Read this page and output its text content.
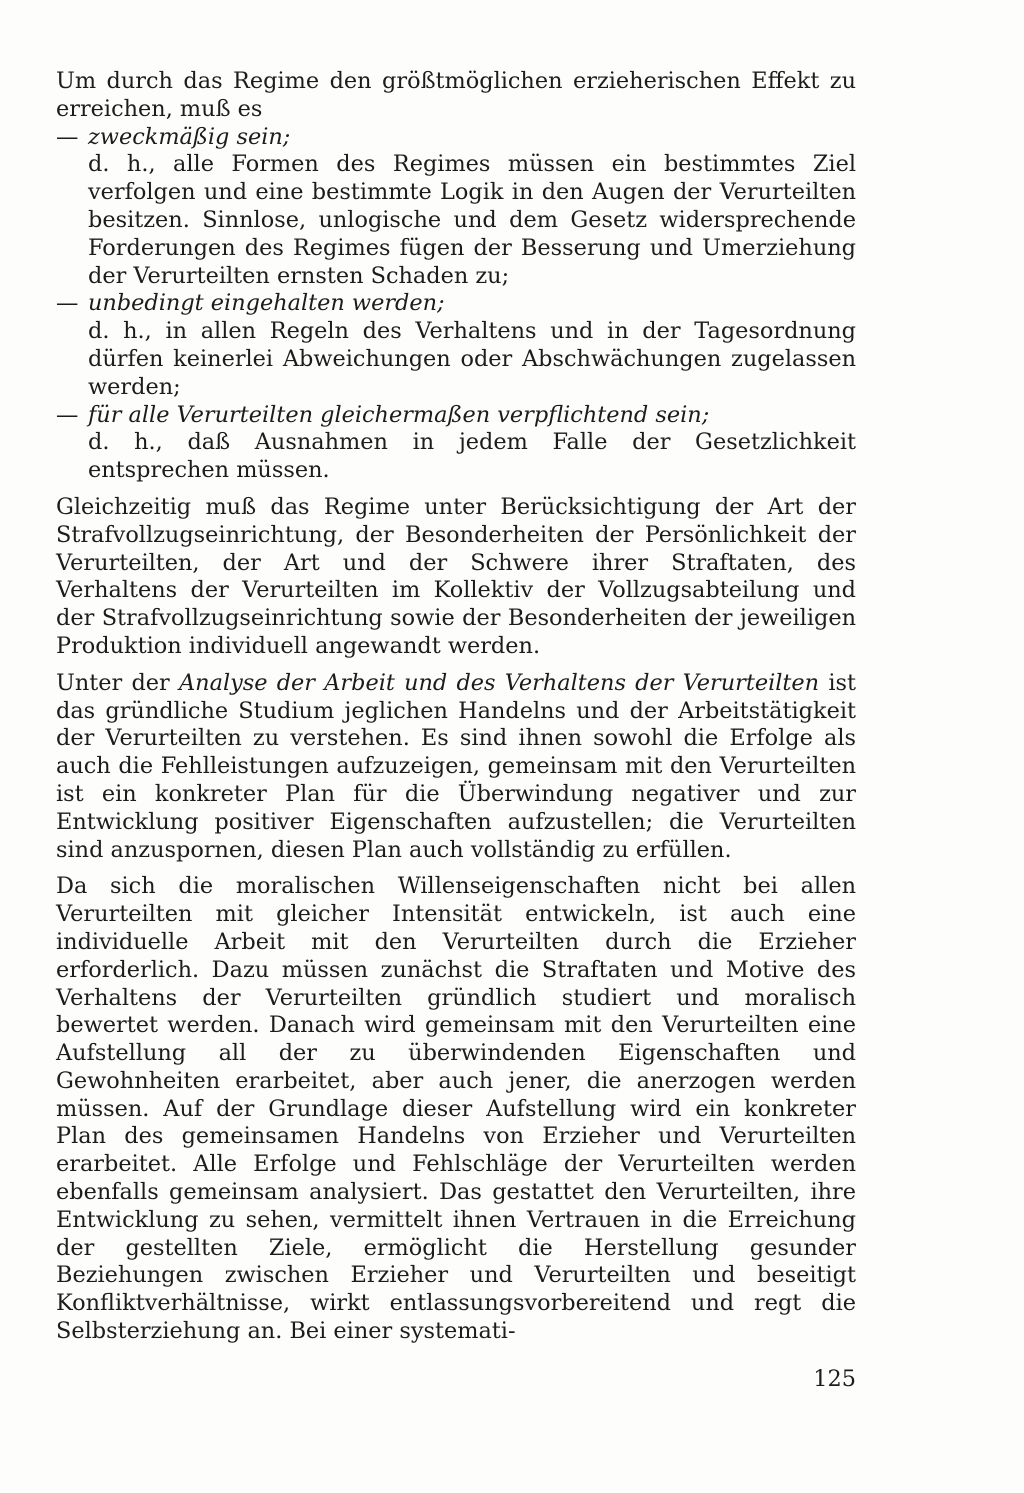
Um durch das Regime den größtmöglichen erzieherischen Effekt zu erreichen, muß es

— zweckmäßig sein;
d. h., alle Formen des Regimes müssen ein bestimmtes Ziel verfolgen und eine bestimmte Logik in den Augen der Verurteilten besitzen. Sinnlose, unlogische und dem Gesetz widersprechende Forderungen des Regimes fügen der Besserung und Umerziehung der Verurteilten ernsten Schaden zu;
— unbedingt eingehalten werden;
d. h., in allen Regeln des Verhaltens und in der Tagesordnung dürfen keinerlei Abweichungen oder Abschwächungen zugelassen werden;
— für alle Verurteilten gleichermaßen verpflichtend sein;
d. h., daß Ausnahmen in jedem Falle der Gesetzlichkeit entsprechen müssen.

Gleichzeitig muß das Regime unter Berücksichtigung der Art der Strafvollzugseinrichtung, der Besonderheiten der Persönlichkeit der Verurteilten, der Art und der Schwere ihrer Straftaten, des Verhaltens der Verurteilten im Kollektiv der Vollzugsabteilung und der Strafvollzugseinrichtung sowie der Besonderheiten der jeweiligen Produktion individuell angewandt werden.

Unter der Analyse der Arbeit und des Verhaltens der Verurteilten ist das gründliche Studium jeglichen Handelns und der Arbeitstätigkeit der Verurteilten zu verstehen. Es sind ihnen sowohl die Erfolge als auch die Fehlleistungen aufzuzeigen, gemeinsam mit den Verurteilten ist ein konkreter Plan für die Überwindung negativer und zur Entwicklung positiver Eigenschaften aufzustellen; die Verurteilten sind anzuspornen, diesen Plan auch vollständig zu erfüllen.

Da sich die moralischen Willenseigenschaften nicht bei allen Verurteilten mit gleicher Intensität entwickeln, ist auch eine individuelle Arbeit mit den Verurteilten durch die Erzieher erforderlich. Dazu müssen zunächst die Straftaten und Motive des Verhaltens der Verurteilten gründlich studiert und moralisch bewertet werden. Danach wird gemeinsam mit den Verurteilten eine Aufstellung all der zu überwindenden Eigenschaften und Gewohnheiten erarbeitet, aber auch jener, die anerzogen werden müssen. Auf der Grundlage dieser Aufstellung wird ein konkreter Plan des gemeinsamen Handelns von Erzieher und Verurteilten erarbeitet. Alle Erfolge und Fehlschläge der Verurteilten werden ebenfalls gemeinsam analysiert. Das gestattet den Verurteilten, ihre Entwicklung zu sehen, vermittelt ihnen Vertrauen in die Erreichung der gestellten Ziele, ermöglicht die Herstellung gesunder Beziehungen zwischen Erzieher und Verurteilten und beseitigt Konfliktverhältnisse, wirkt entlassungsvorbereitend und regt die Selbsterziehung an. Bei einer systemati-

125
